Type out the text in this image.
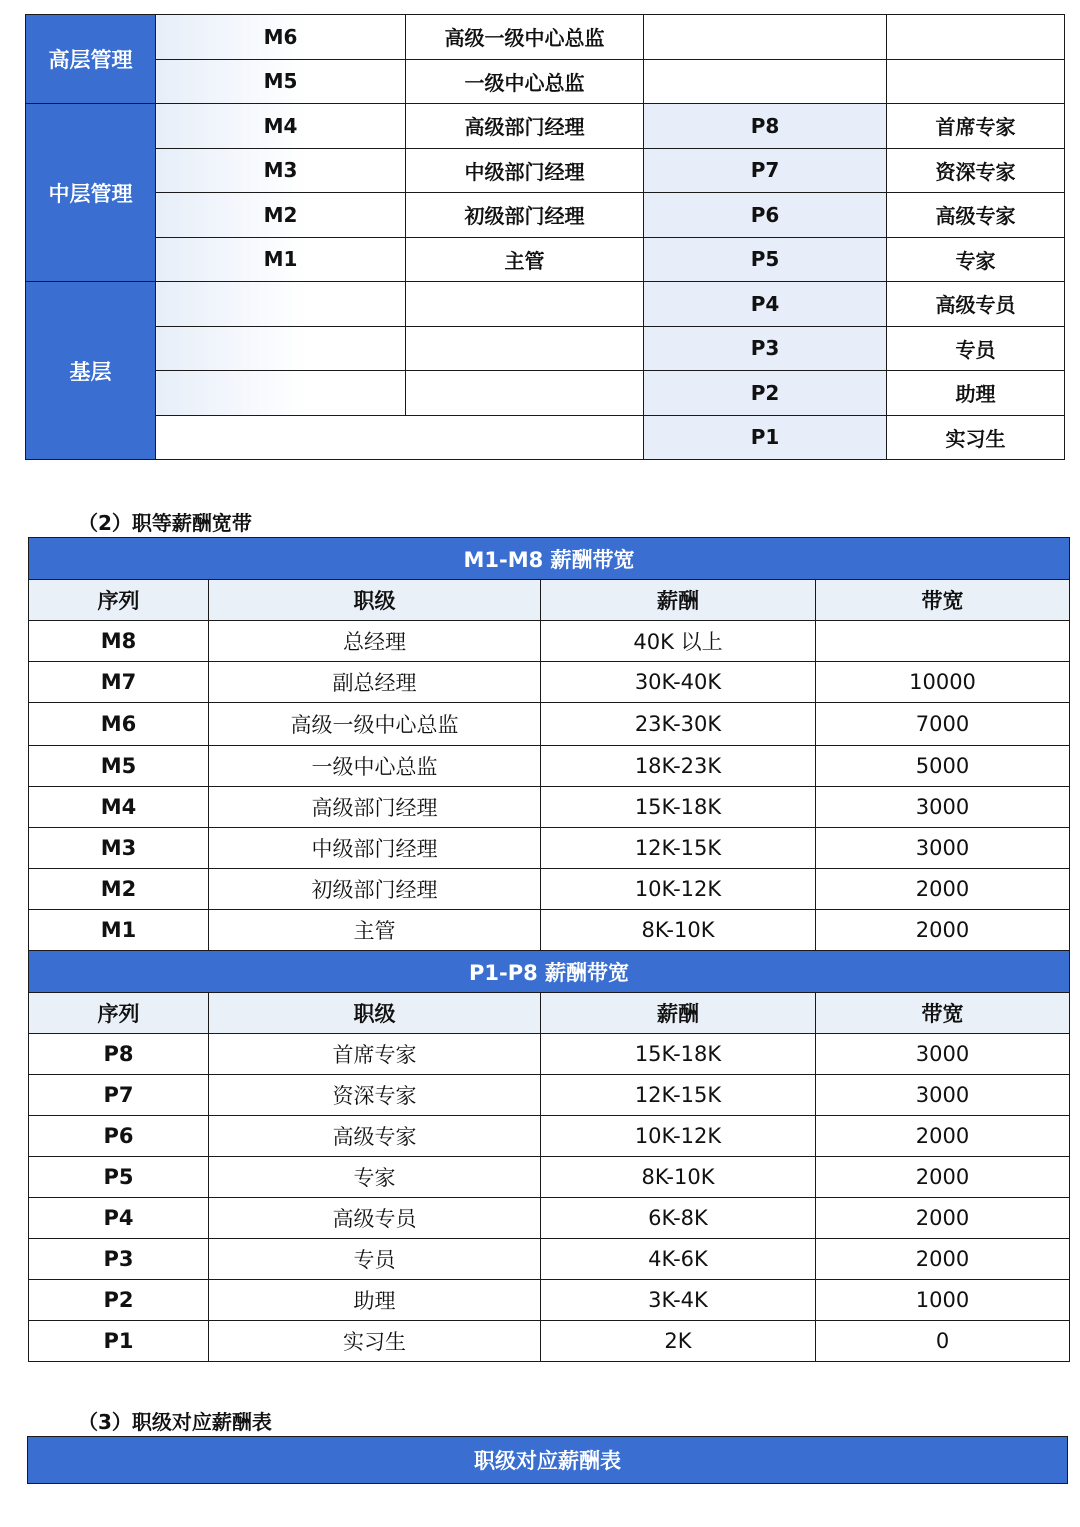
高层管理	M6	高级一级中心总监		
	M5	一级中心总监		
中层管理	M4	高级部门经理	P8	首席专家
	M3	中级部门经理	P7	资深专家
	M2	初级部门经理	P6	高级专家
	M1	主管	P5	专家
基层			P4	高级专员
			P3	专员
			P2	助理
			P1	实习生
（2）职等薪酬宽带
M1-M8 薪酬带宽			
序列	职级	薪酬	带宽
M8	总经理	40K 以上	
M7	副总经理	30K-40K	10000
M6	高级一级中心总监	23K-30K	7000
M5	一级中心总监	18K-23K	5000
M4	高级部门经理	15K-18K	3000
M3	中级部门经理	12K-15K	3000
M2	初级部门经理	10K-12K	2000
M1	主管	8K-10K	2000
P1-P8 薪酬带宽			
序列	职级	薪酬	带宽
P8	首席专家	15K-18K	3000
P7	资深专家	12K-15K	3000
P6	高级专家	10K-12K	2000
P5	专家	8K-10K	2000
P4	高级专员	6K-8K	2000
P3	专员	4K-6K	2000
P2	助理	3K-4K	1000
P1	实习生	2K	0
（3）职级对应薪酬表
职级对应薪酬表
